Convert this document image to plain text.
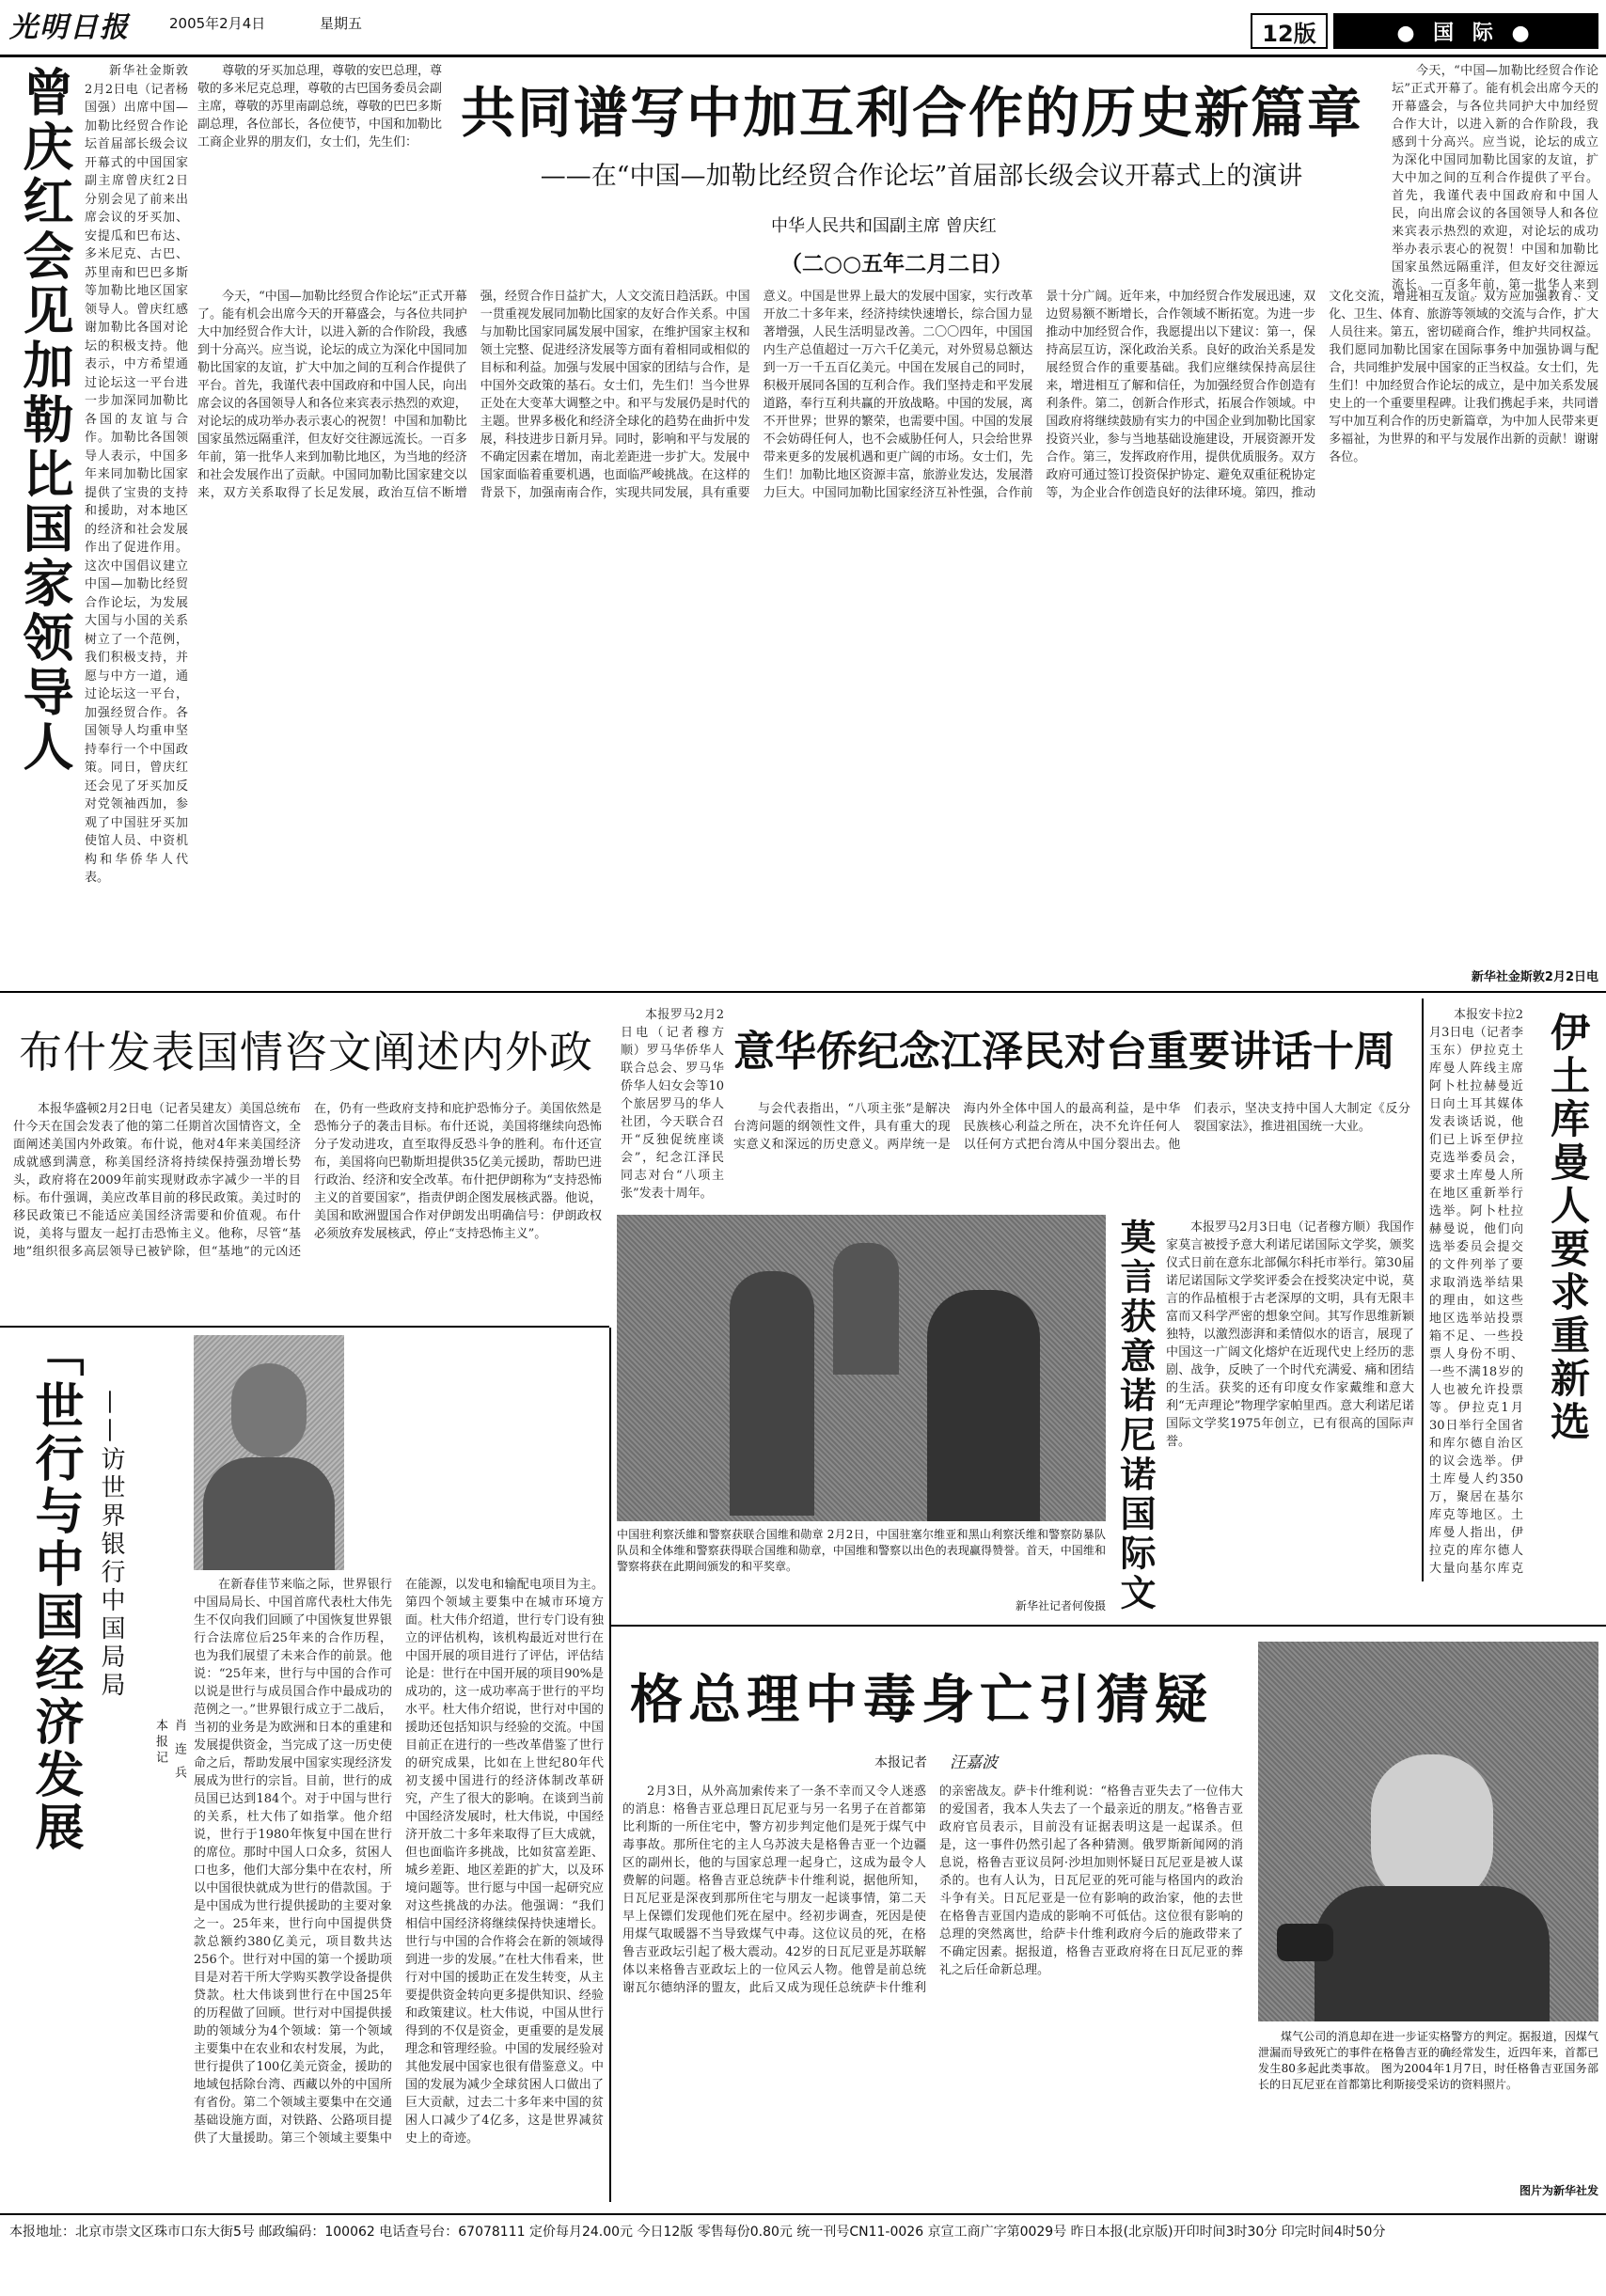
光明日报	2005年2月4日	星期五	12版	● 国 际 ●
曾庆红会见加勒比国家领导人	新华社金斯敦2月2日电（记者杨国强）出席中国—加勒比经贸合作论坛首届部长级会议开幕式的中国国家副主席曾庆红2日分别会见了前来出席会议的牙买加、安提瓜和巴布达、多米尼克、古巴、苏里南和巴巴多斯等加勒比地区国家领导人。曾庆红感谢加勒比各国对论坛的积极支持。他表示，中方希望通过论坛这一平台进一步加深同加勒比各国的友谊与合作。加勒比各国领导人表示，中国多年来同加勒比国家提供了宝贵的支持和援助，对本地区的经济和社会发展作出了促进作用。这次中国倡议建立中国—加勒比经贸合作论坛，为发展大国与小国的关系树立了一个范例，我们积极支持，并愿与中方一道，通过论坛这一平台，加强经贸合作。各国领导人均重申坚持奉行一个中国政策。同日，曾庆红还会见了牙买加反对党领袖西加，参观了中国驻牙买加使馆人员、中资机构和华侨华人代表。
尊敬的牙买加总理，尊敬的安巴总理，尊敬的多米尼克总理，尊敬的古巴国务委员会副主席，尊敬的苏里南副总统，尊敬的巴巴多斯副总理，各位部长，各位使节，中国和加勒比工商企业界的朋友们，女士们，先生们： 共同谱写中加互利合作的历史新篇章
——在“中国—加勒比经贸合作论坛”首届部长级会议开幕式上的演讲
中华人民共和国副主席 曾庆红
（二○○五年二月二日）
今天，“中国—加勒比经贸合作论坛”正式开幕了。能有机会出席今天的开幕盛会，与各位共同护大中加经贸合作大计，以进入新的合作阶段，我感到十分高兴。应当说，论坛的成立为深化中国同加勒比国家的友谊，扩大中加之间的互利合作提供了平台。首先，我谨代表中国政府和中国人民，向出席会议的各国领导人和各位来宾表示热烈的欢迎，对论坛的成功举办表示衷心的祝贺！中国和加勒比国家虽然远隔重洋，但友好交往源远流长。一百多年前，第一批华人来到
今天，“中国—加勒比经贸合作论坛”正式开幕了。能有机会出席今天的开幕盛会，与各位共同护大中加经贸合作大计，以进入新的合作阶段，我感到十分高兴。应当说，论坛的成立为深化中国同加勒比国家的友谊，扩大中加之间的互利合作提供了平台。首先，我谨代表中国政府和中国人民，向出席会议的各国领导人和各位来宾表示热烈的欢迎，对论坛的成功举办表示衷心的祝贺！中国和加勒比国家虽然远隔重洋，但友好交往源远流长。一百多年前，第一批华人来到加勒比地区，为当地的经济和社会发展作出了贡献。中国同加勒比国家建交以来，双方关系取得了长足发展，政治互信不断增强，经贸合作日益扩大，人文交流日趋活跃。中国一贯重视发展同加勒比国家的友好合作关系。中国与加勒比国家同属发展中国家，在维护国家主权和领土完整、促进经济发展等方面有着相同或相似的目标和利益。加强与发展中国家的团结与合作，是中国外交政策的基石。女士们，先生们！当今世界正处在大变革大调整之中。和平与发展仍是时代的主题。世界多极化和经济全球化的趋势在曲折中发展，科技进步日新月异。同时，影响和平与发展的不确定因素在增加，南北差距进一步扩大。发展中国家面临着重要机遇，也面临严峻挑战。在这样的背景下，加强南南合作，实现共同发展，具有重要意义。中国是世界上最大的发展中国家，实行改革开放二十多年来，经济持续快速增长，综合国力显著增强，人民生活明显改善。二〇〇四年，中国国内生产总值超过一万六千亿美元，对外贸易总额达到一万一千五百亿美元。中国在发展自己的同时，积极开展同各国的互利合作。我们坚持走和平发展道路，奉行互利共赢的开放战略。中国的发展，离不开世界；世界的繁荣，也需要中国。中国的发展不会妨碍任何人，也不会威胁任何人，只会给世界带来更多的发展机遇和更广阔的市场。女士们，先生们！加勒比地区资源丰富，旅游业发达，发展潜力巨大。中国同加勒比国家经济互补性强，合作前景十分广阔。近年来，中加经贸合作发展迅速，双边贸易额不断增长，合作领域不断拓宽。为进一步推动中加经贸合作，我愿提出以下建议：第一，保持高层互访，深化政治关系。良好的政治关系是发展经贸合作的重要基础。我们应继续保持高层往来，增进相互了解和信任，为加强经贸合作创造有利条件。第二，创新合作形式，拓展合作领域。中国政府将继续鼓励有实力的中国企业到加勒比国家投资兴业，参与当地基础设施建设，开展资源开发合作。第三，发挥政府作用，提供优质服务。双方政府可通过签订投资保护协定、避免双重征税协定等，为企业合作创造良好的法律环境。第四，推动文化交流，增进相互友谊。双方应加强教育、文化、卫生、体育、旅游等领域的交流与合作，扩大人员往来。第五，密切磋商合作，维护共同权益。我们愿同加勒比国家在国际事务中加强协调与配合，共同维护发展中国家的正当权益。女士们，先生们！中加经贸合作论坛的成立，是中加关系发展史上的一个重要里程碑。让我们携起手来，共同谱写中加互利合作的历史新篇章，为中加人民带来更多福祉，为世界的和平与发展作出新的贡献！谢谢各位。
新华社金斯敦2月2日电
布什发表国情咨文阐述内外政
本报华盛顿2月2日电（记者吴建友）美国总统布什今天在国会发表了他的第二任期首次国情咨文，全面阐述美国内外政策。布什说，他对4年来美国经济成就感到满意，称美国经济将持续保持强劲增长势头，政府将在2009年前实现财政赤字减少一半的目标。布什强调，美应改革目前的移民政策。美过时的移民政策已不能适应美国经济需要和价值观。布什说，美将与盟友一起打击恐怖主义。他称，尽管“基地”组织很多高层领导已被铲除，但“基地”的元凶还在，仍有一些政府支持和庇护恐怖分子。美国依然是恐怖分子的袭击目标。布什还说，美国将继续向恐怖分子发动进攻，直至取得反恐斗争的胜利。布什还宣布，美国将向巴勒斯坦提供35亿美元援助，帮助巴进行政治、经济和安全改革。布什把伊朗称为“支持恐怖主义的首要国家”，指责伊朗企图发展核武器。他说，美国和欧洲盟国合作对伊朗发出明确信号：伊朗政权必须放弃发展核武，停止“支持恐怖主义”。
本报罗马2月2日电（记者穆方顺）罗马华侨华人联合总会、罗马华侨华人妇女会等10个旅居罗马的华人社团，今天联合召开“反独促统座谈会”，纪念江泽民同志对台“八项主张”发表十周年。
意华侨纪念江泽民对台重要讲话十周
与会代表指出，“八项主张”是解决台湾问题的纲领性文件，具有重大的现实意义和深远的历史意义。两岸统一是海内外全体中国人的最高利益，是中华民族核心利益之所在，决不允许任何人以任何方式把台湾从中国分裂出去。他们表示，坚决支持中国人大制定《反分裂国家法》，推进祖国统一大业。
中国驻利察沃維和警察获联合国维和勋章 2月2日，中国驻塞尔维亚和黑山利察沃维和警察防暴队队员和全体维和警察获得联合国维和勋章，中国维和警察以出色的表现赢得赞誉。首天，中国维和警察将获在此期间颁发的和平奖章。
新华社记者何俊摄
莫言获意诺尼诺国际文
本报罗马2月3日电（记者穆方顺）我国作家莫言被授予意大利诺尼诺国际文学奖，颁奖仪式日前在意东北部佩尔科托市举行。第30届诺尼诺国际文学奖评委会在授奖决定中说，莫言的作品植根于古老深厚的文明，具有无限丰富而又科学严密的想象空间。其写作思维新颖独特，以激烈澎湃和柔情似水的语言，展现了中国这一广阔文化熔炉在近现代史上经历的悲剧、战争，反映了一个时代充满爱、痛和团结的生活。获奖的还有印度女作家戴维和意大利“无声理论”物理学家帕里西。意大利诺尼诺国际文学奖1975年创立，已有很高的国际声誉。
本报安卡拉2月3日电（记者李玉东）伊拉克土库曼人阵线主席阿卜杜拉赫曼近日向土耳其媒体发表谈话说，他们已上诉至伊拉克选举委员会，要求土库曼人所在地区重新举行选举。阿卜杜拉赫曼说，他们向选举委员会提交的文件列举了要求取消选举结果的理由，如这些地区选举站投票箱不足、一些投票人身份不明、一些不满18岁的人也被允许投票等。伊拉克1月30日举行全国省和库尔德自治区的议会选举。伊土库曼人约350万，聚居在基尔库克等地区。土库曼人指出，伊拉克的库尔德人大量向基尔库克
伊土库曼人要求重新选
「世行与中国经济发展
——访世界银行中国局局
本报记 肖 连 兵
在新春佳节来临之际，世界银行中国局局长、中国首席代表杜大伟先生不仅向我们回顾了中国恢复世界银行合法席位后25年来的合作历程，也为我们展望了未来合作的前景。他说：“25年来，世行与中国的合作可以说是世行与成员国合作中最成功的范例之一。”世界银行成立于二战后，当初的业务是为欧洲和日本的重建和发展提供资金，当完成了这一历史使命之后，帮助发展中国家实现经济发展成为世行的宗旨。目前，世行的成员国已达到184个。对于中国与世行的关系，杜大伟了如指掌。他介绍说，世行于1980年恢复中国在世行的席位。那时中国人口众多，贫困人口也多，他们大部分集中在农村，所以中国很快就成为世行的借款国。于是中国成为世行提供援助的主要对象之一。25年来，世行向中国提供贷款总额约380亿美元，项目数共达256个。世行对中国的第一个援助项目是对若干所大学购买教学设备提供贷款。杜大伟谈到世行在中国25年的历程做了回顾。世行对中国提供援助的领域分为4个领域：第一个领域主要集中在农业和农村发展，为此，世行提供了100亿美元资金，援助的地域包括除台湾、西藏以外的中国所有省份。第二个领域主要集中在交通基础设施方面，对铁路、公路项目提供了大量援助。第三个领域主要集中在能源，以发电和输配电项目为主。第四个领域主要集中在城市环境方面。杜大伟介绍道，世行专门设有独立的评估机构，该机构最近对世行在中国开展的项目进行了评估，评估结论是：世行在中国开展的项目90%是成功的，这一成功率高于世行的平均水平。杜大伟介绍说，世行对中国的援助还包括知识与经验的交流。中国目前正在进行的一些改革借鉴了世行的研究成果，比如在上世纪80年代初支援中国进行的经济体制改革研究，产生了很大的影响。在谈到当前中国经济发展时，杜大伟说，中国经济开放二十多年来取得了巨大成就，但也面临许多挑战，比如贫富差距、城乡差距、地区差距的扩大，以及环境问题等。世行愿与中国一起研究应对这些挑战的办法。他强调：“我们相信中国经济将继续保持快速增长。世行与中国的合作将会在新的领域得到进一步的发展。”在杜大伟看来，世行对中国的援助正在发生转变，从主要提供资金转向更多提供知识、经验和政策建议。杜大伟说，中国从世行得到的不仅是资金，更重要的是发展理念和管理经验。中国的发展经验对其他发展中国家也很有借鉴意义。中国的发展为减少全球贫困人口做出了巨大贡献，过去二十多年来中国的贫困人口减少了4亿多，这是世界减贫史上的奇迹。
格总理中毒身亡引猜疑
本报记者	汪嘉波
2月3日，从外高加索传来了一条不幸而又令人迷惑的消息：格鲁吉亚总理日瓦尼亚与另一名男子在首都第比利斯的一所住宅中，警方初步判定他们是死于煤气中毒事故。那所住宅的主人乌苏波夫是格鲁吉亚一个边疆区的副州长，他的与国家总理一起身亡，这成为最令人费解的问题。格鲁吉亚总统萨卡什维利说，据他所知，日瓦尼亚是深夜到那所住宅与朋友一起谈事情，第二天早上保镖们发现他们死在屋中。经初步调查，死因是使用煤气取暖器不当导致煤气中毒。这位议员的死，在格鲁吉亚政坛引起了极大震动。42岁的日瓦尼亚是苏联解体以来格鲁吉亚政坛上的一位风云人物。他曾是前总统谢瓦尔德纳泽的盟友，此后又成为现任总统萨卡什维利的亲密战友。萨卡什维利说：“格鲁吉亚失去了一位伟大的爱国者，我本人失去了一个最亲近的朋友。”格鲁吉亚政府官员表示，目前没有证据表明这是一起谋杀。但是，这一事件仍然引起了各种猜测。俄罗斯新闻网的消息说，格鲁吉亚议员阿·沙坦加则怀疑日瓦尼亚是被人谋杀的。也有人认为，日瓦尼亚的死可能与格国内的政治斗争有关。日瓦尼亚是一位有影响的政治家，他的去世在格鲁吉亚国内造成的影响不可低估。这位很有影响的总理的突然离世，给萨卡什维利政府今后的施政带来了不确定因素。据报道，格鲁吉亚政府将在日瓦尼亚的葬礼之后任命新总理。
煤气公司的消息却在进一步证实格警方的判定。据报道，因煤气泄漏而导致死亡的事件在格鲁吉亚的确经常发生，近四年来，首都已发生80多起此类事故。 图为2004年1月7日，时任格鲁吉亚国务部长的日瓦尼亚在首都第比利斯接受采访的资料照片。
图片为新华社发
本报地址：北京市崇文区珠市口东大街5号 邮政编码：100062 电话查号台：67078111 定价每月24.00元 今日12版 零售每份0.80元 统一刊号CN11-0026 京宣工商广字第0029号 昨日本报(北京版)开印时间3时30分 印完时间4时50分
